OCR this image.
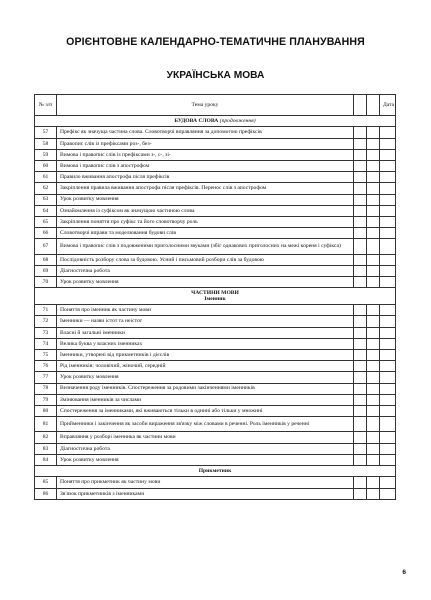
ОРІЄНТОВНЕ КАЛЕНДАРНО-ТЕМАТИЧНЕ ПЛАНУВАННЯ
УКРАЇНСЬКА МОВА
№ з/п	Тема уроку			Дата
БУДОВА СЛОВА (продовження)				
57	Префікс як значуща частина слова. Словотворчі вправляння за допомогою префіксів			
58	Правопис слів із префіксами роз-, без-			
59	Вимова і правопис слів із префіксами з-, с-, зі-			
60	Вимова і правопис слів з апострофом			
61	Правило вживання апострофа після префіксів			
62	Закріплення правила вживання апострофа після префіксів. Перенос слів з апострофом			
63	Урок розвитку мовлення			
64	Ознайомлення із суфіксом як значущою частиною слова			
65	Закріплення поняття про суфікс та його словотворчу роль			
66	Словотворчі вправи та моделювання будови слів			
67	Вимова і правопис слів з подовженими приголосними звуками (збіг однакових приголосних на межі кореня і суфікса)			
68	Послідовність розбору слова за будовою. Усний і письмовий розбори слів за будовою			
69	Діагностична робота			
70	Урок розвитку мовлення			

ЧАСТИНИ МОВИ
Іменник				

71	Поняття про іменник як частину мови			
72	Іменники — назви істот та неістот			
73	Власні й загальні іменники			
74	Велика буква у власних іменниках			
75	Іменники, утворені від прикметників і дієслів			
76	Рід іменників: чоловічий, жіночий, середній			
77	Урок розвитку мовлення			
78	Визначення роду іменників. Спостереження за родовими закінченнями іменників			
79	Змінювання іменників за числами			
80	Спостереження за іменниками, які вживаються тільки в однині або тільки у множині			
81	Прийменники і закінчення як засоби вираження зв'язку між словами в реченні. Роль іменників у реченні			
82	Вправляння у розборі іменника як частини мови			
83	Діагностична робота			
84	Урок розвитку мовлення			
Прикметник				
85	Поняття про прикметник як частину мови			
86	Зв'язок прикметників з іменниками			
6
